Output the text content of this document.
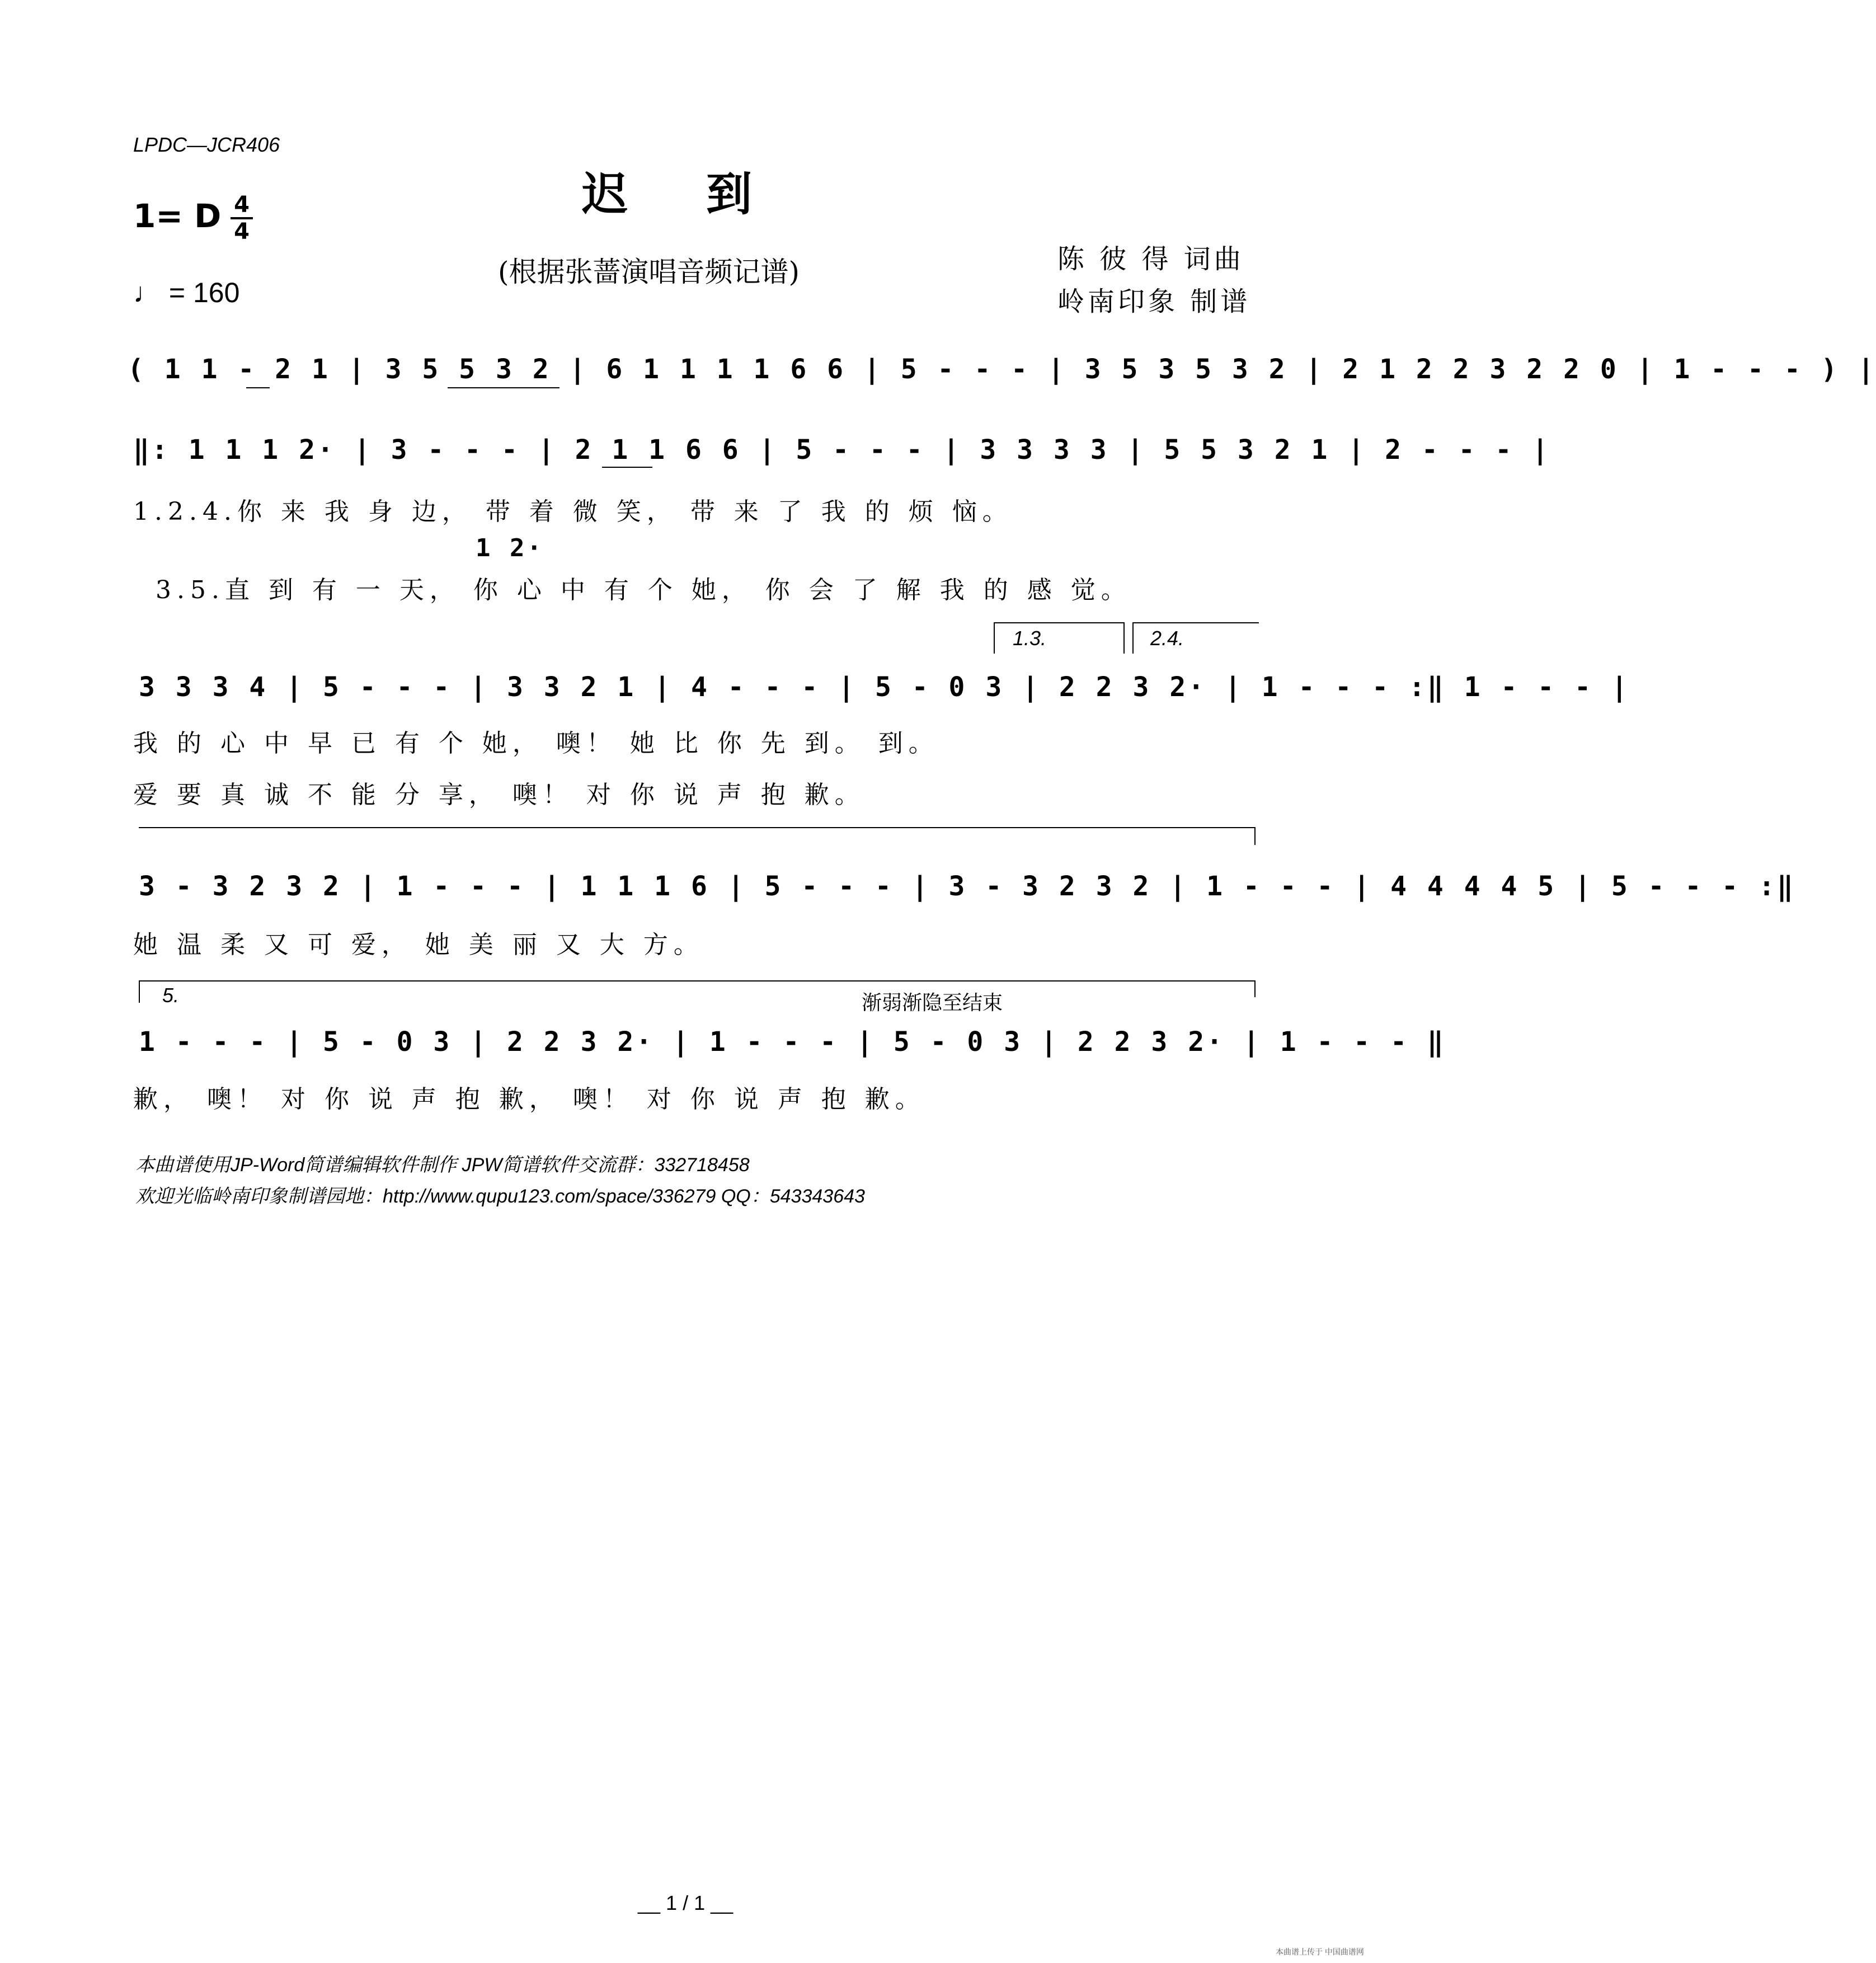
LPDC—JCR406
迟到
1= D 4
4
♩ = 160
(根据张蔷演唱音频记谱)	陈 彼 得 词曲
岭南印象 制谱
( 1 1 - 2 1 | 3 5 5 3 2 | 6 1 1 1 1 6 6 | 5 - - - | 3 5 3 5 3 2 | 2 1 2 2 3 2 2 0 | 1 - - - ) |
‖: 1 1 1 2· | 3 - - - | 2 1 1 6 6 | 5 - - - | 3 3 3 3 | 5 5 3 2 1 | 2 - - - |
1.2.4.你 来 我 身 边， 带 着 微 笑， 带 来 了 我 的 烦 恼。
1 2·
3.5.直 到 有 一 天， 你 心 中 有 个 她， 你 会 了 解 我 的 感 觉。
1.3.	2.4.
3 3 3 4 | 5 - - - | 3 3 2 1 | 4 - - - | 5 - 0 3 | 2 2 3 2· | 1 - - - :‖ 1 - - - |
我 的 心 中 早 已 有 个 她， 噢！ 她 比 你 先 到。 到。
爱 要 真 诚 不 能 分 享， 噢！ 对 你 说 声 抱 歉。
3 - 3 2 3 2 | 1 - - - | 1 1 1 6 | 5 - - - | 3 - 3 2 3 2 | 1 - - - | 4 4 4 4 5 | 5 - - - :‖
她 温 柔 又 可 爱， 她 美 丽 又 大 方。
5.	渐弱渐隐至结束
1 - - - | 5 - 0 3 | 2 2 3 2· | 1 - - - | 5 - 0 3 | 2 2 3 2· | 1 - - - ‖
歉， 噢！ 对 你 说 声 抱 歉， 噢！ 对 你 说 声 抱 歉。
本曲谱使用JP-Word简谱编辑软件制作 JPW简谱软件交流群：332718458
欢迎光临岭南印象制谱园地：http://www.qupu123.com/space/336279 QQ：543343643
__ 1 / 1 __
本曲谱上传于 中国曲谱网
